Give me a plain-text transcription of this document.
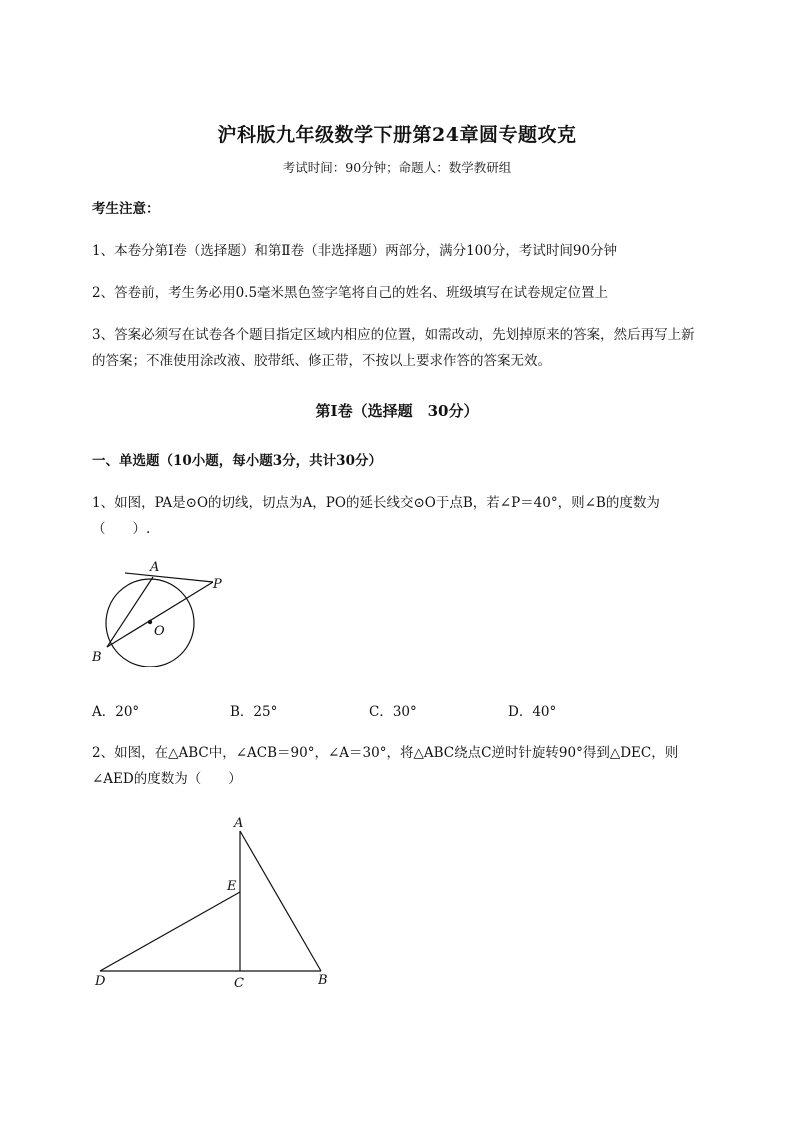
沪科版九年级数学下册第24章圆专题攻克
考试时间：90分钟；命题人：数学教研组
考生注意：
1、本卷分第I卷（选择题）和第Ⅱ卷（非选择题）两部分，满分100分，考试时间90分钟
2、答卷前，考生务必用0.5毫米黑色签字笔将自己的姓名、班级填写在试卷规定位置上
3、答案必须写在试卷各个题目指定区域内相应的位置，如需改动，先划掉原来的答案，然后再写上新
的答案；不准使用涂改液、胶带纸、修正带，不按以上要求作答的答案无效。
第I卷（选择题　30分）
一、单选题（10小题，每小题3分，共计30分）
1、如图，PA是⊙O的切线，切点为A，PO的延长线交⊙O于点B，若∠P＝40°，则∠B的度数为
（　　）.
A
P
O
B
A．20°	B．25°	C．30°	D．40°
2、如图，在△ABC中，∠ACB＝90°，∠A＝30°，将△ABC绕点C逆时针旋转90°得到△DEC，则
∠AED的度数为（　　）
A
E
D	C	B
